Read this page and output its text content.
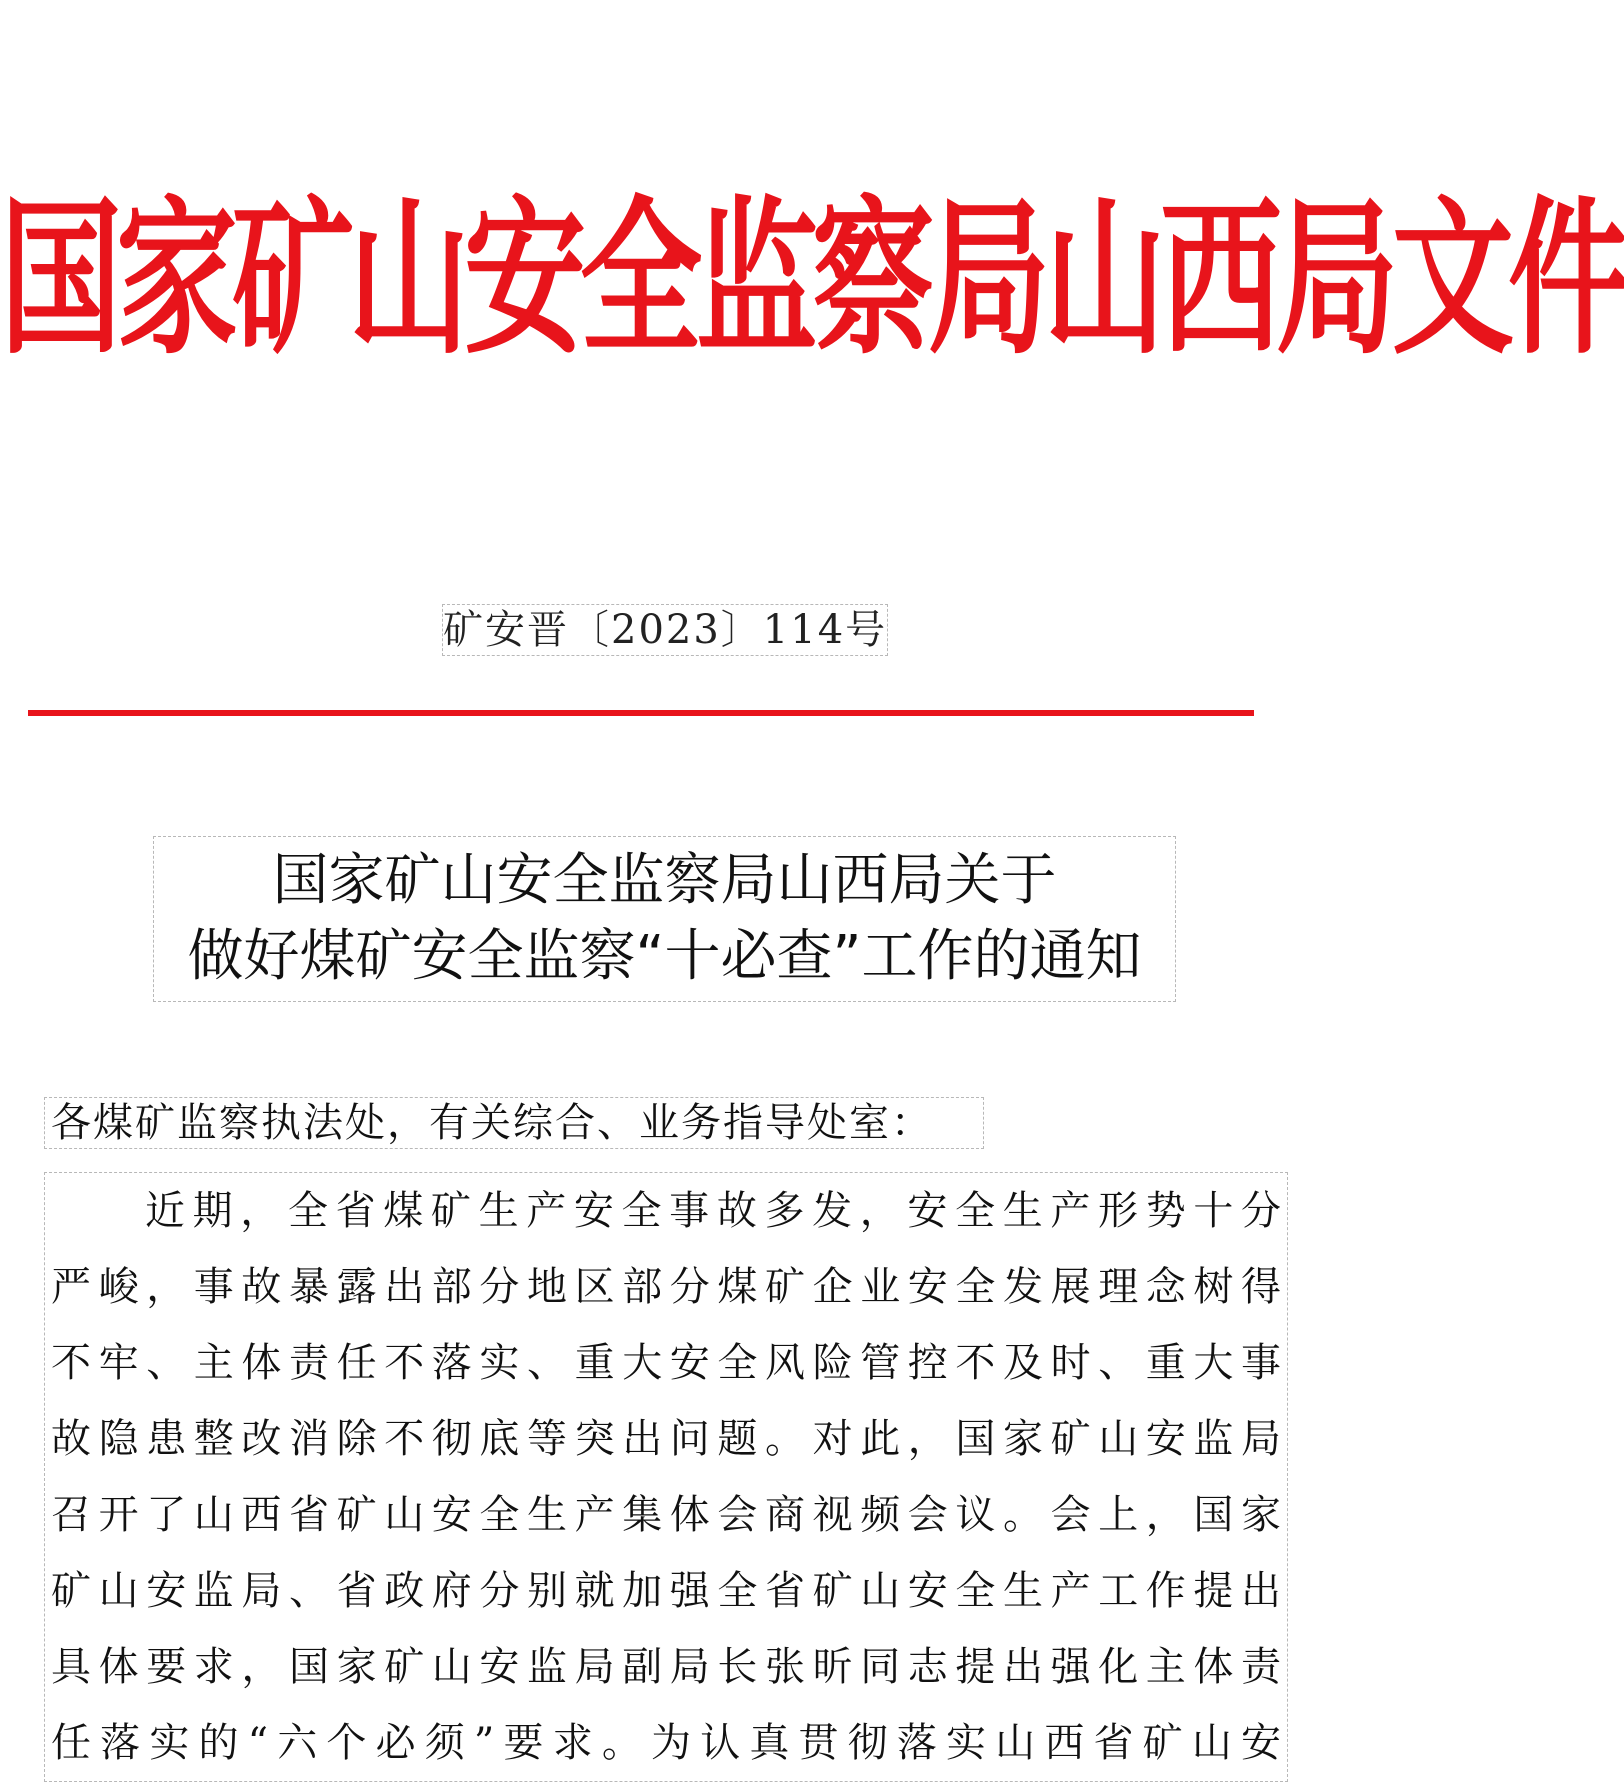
国家矿山安全监察局山西局文件
矿安晋〔2023〕114号
国家矿山安全监察局山西局关于
做好煤矿安全监察“十必查”工作的通知
各煤矿监察执法处，有关综合、业务指导处室：
近期，全省煤矿生产安全事故多发，安全生产形势十分
严峻，事故暴露出部分地区部分煤矿企业安全发展理念树得
不牢、主体责任不落实、重大安全风险管控不及时、重大事
故隐患整改消除不彻底等突出问题。对此，国家矿山安监局
召开了山西省矿山安全生产集体会商视频会议。会上，国家
矿山安监局、省政府分别就加强全省矿山安全生产工作提出
具体要求，国家矿山安监局副局长张昕同志提出强化主体责
任落实的“六个必须”要求。为认真贯彻落实山西省矿山安
